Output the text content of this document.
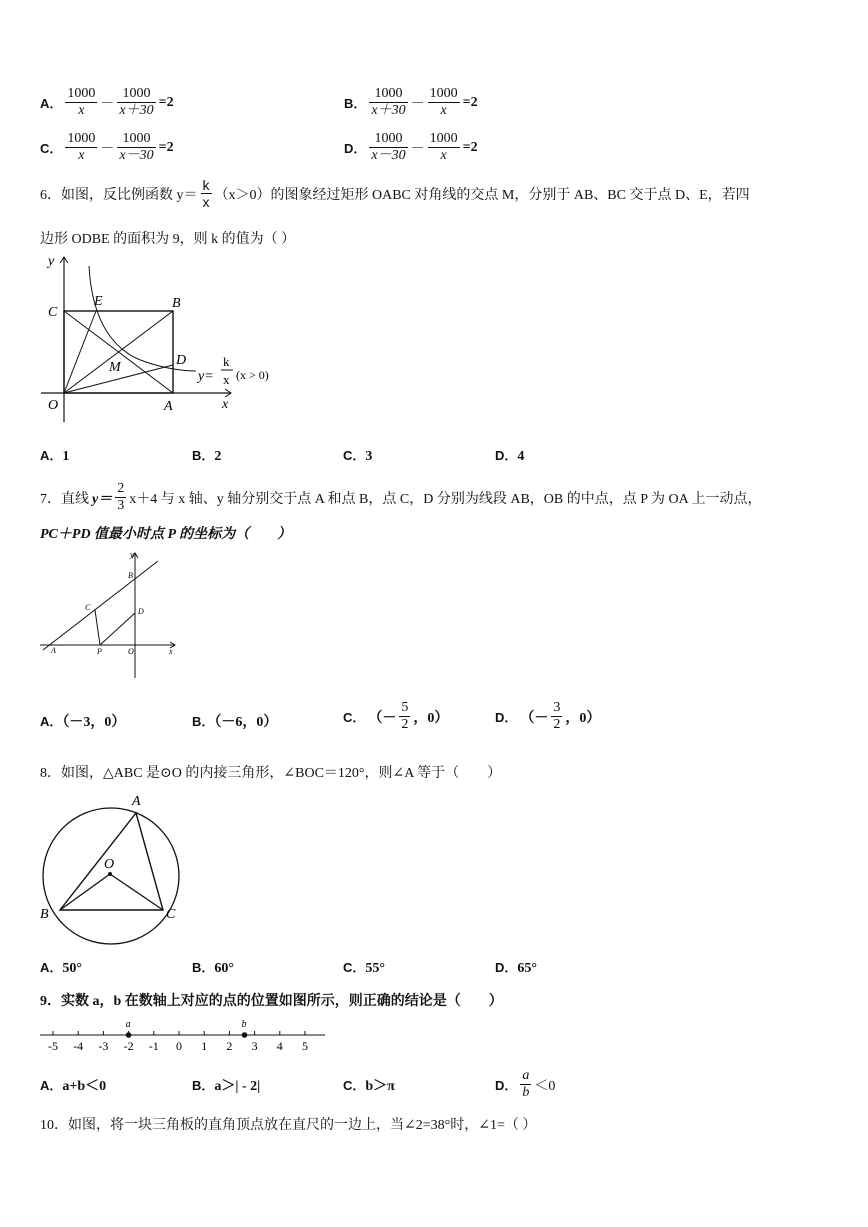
A． $\frac{1000}{x} - \frac{1000}{x+30} =2$	B． $\frac{1000}{x+30} - \frac{1000}{x} =2$
C． $\frac{1000}{x} - \frac{1000}{x-30} =2$	D． $\frac{1000}{x-30} - \frac{1000}{x} =2$
6．如图，反比例函数 $y= \frac{k}{x} (x>0)$的图象经过矩形 OABC 对角线的交点 M，分别于 AB、BC 交于点 D、E，若四
边形 ODBE 的面积为 9，则 k 的值为（ ）
y
x
C
E	B
M	D
O	A
y=
k
x (x > 0)
A．1	B．2	C．3	D．4
7．直线 $y= \frac{2}{3} x+4$ 与 x 轴、y 轴分别交于点 A 和点 B，点 C，D 分别为线段 AB，OB 的中点，点 P 为 OA 上一动点，
PC＋PD 值最小时点 P 的坐标为（　　）
y
B
C	D
A	P	O	x
A．（－3，0）	B．（－6，0）	C． （－ $\frac{5}{2}$ ，0）	D． （－ $\frac{3}{2}$ ，0）
8．如图，△ABC 是⊙O 的内接三角形，∠BOC＝120°，则∠A 等于（　　）
A
O
B	C
A．50°	B．60°	C．55°	D．65°
9．实数 a，b 在数轴上对应的点的位置如图所示，则正确的结论是（　　）
-5 -4 -3 -2 -1 0 1 2 3 4 5
a	b
A．a+b＜0	B．a＞| - 2|	C．b＞π	D． $\frac{a}{b} <0$
10．如图，将一块三角板的直角顶点放在直尺的一边上，当∠2=38°时，∠1=（ ）
